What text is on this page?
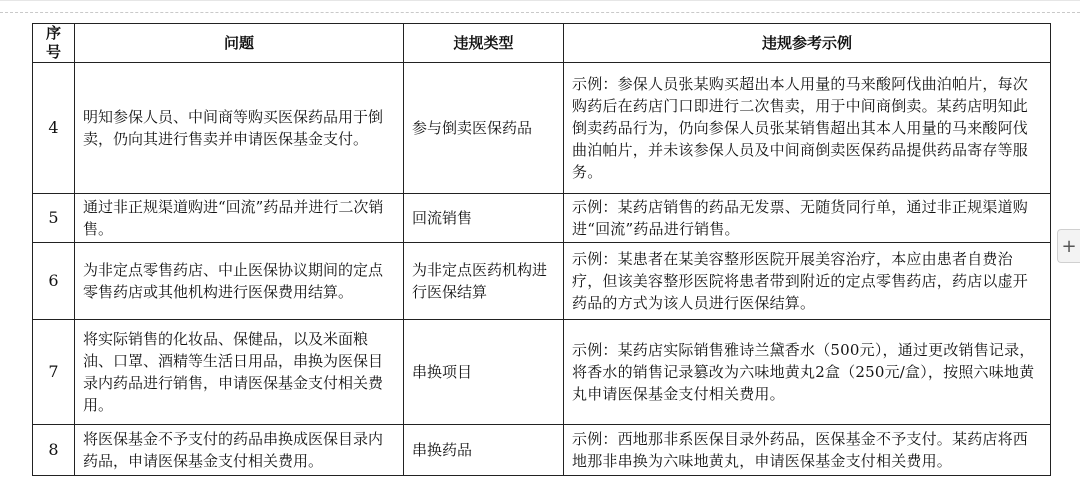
序
号	问题	违规类型	违规参考示例
4	明知参保人员、中间商等购买医保药品用于倒卖，仍向其进行售卖并申请医保基金支付。	参与倒卖医保药品	示例：参保人员张某购买超出本人用量的马来酸阿伐曲泊帕片，每次购药后在药店门口即进行二次售卖，用于中间商倒卖。某药店明知此倒卖药品行为，仍向参保人员张某销售超出其本人用量的马来酸阿伐曲泊帕片，并未该参保人员及中间商倒卖医保药品提供药品寄存等服务。
5	通过非正规渠道购进“回流”药品并进行二次销售。	回流销售	示例：某药店销售的药品无发票、无随货同行单，通过非正规渠道购进“回流”药品进行销售。
6	为非定点零售药店、中止医保协议期间的定点零售药店或其他机构进行医保费用结算。	为非定点医药机构进行医保结算	示例：某患者在某美容整形医院开展美容治疗，本应由患者自费治疗，但该美容整形医院将患者带到附近的定点零售药店，药店以虚开药品的方式为该人员进行医保结算。
7	将实际销售的化妆品、保健品，以及米面粮油、口罩、酒精等生活日用品，串换为医保目录内药品进行销售，申请医保基金支付相关费用。	串换项目	示例：某药店实际销售雅诗兰黛香水（500元），通过更改销售记录，将香水的销售记录篡改为六味地黄丸2盒（250元/盒），按照六味地黄丸申请医保基金支付相关费用。
8	将医保基金不予支付的药品串换成医保目录内药品，申请医保基金支付相关费用。	串换药品	示例：西地那非系医保目录外药品，医保基金不予支付。某药店将西地那非串换为六味地黄丸，申请医保基金支付相关费用。
+
